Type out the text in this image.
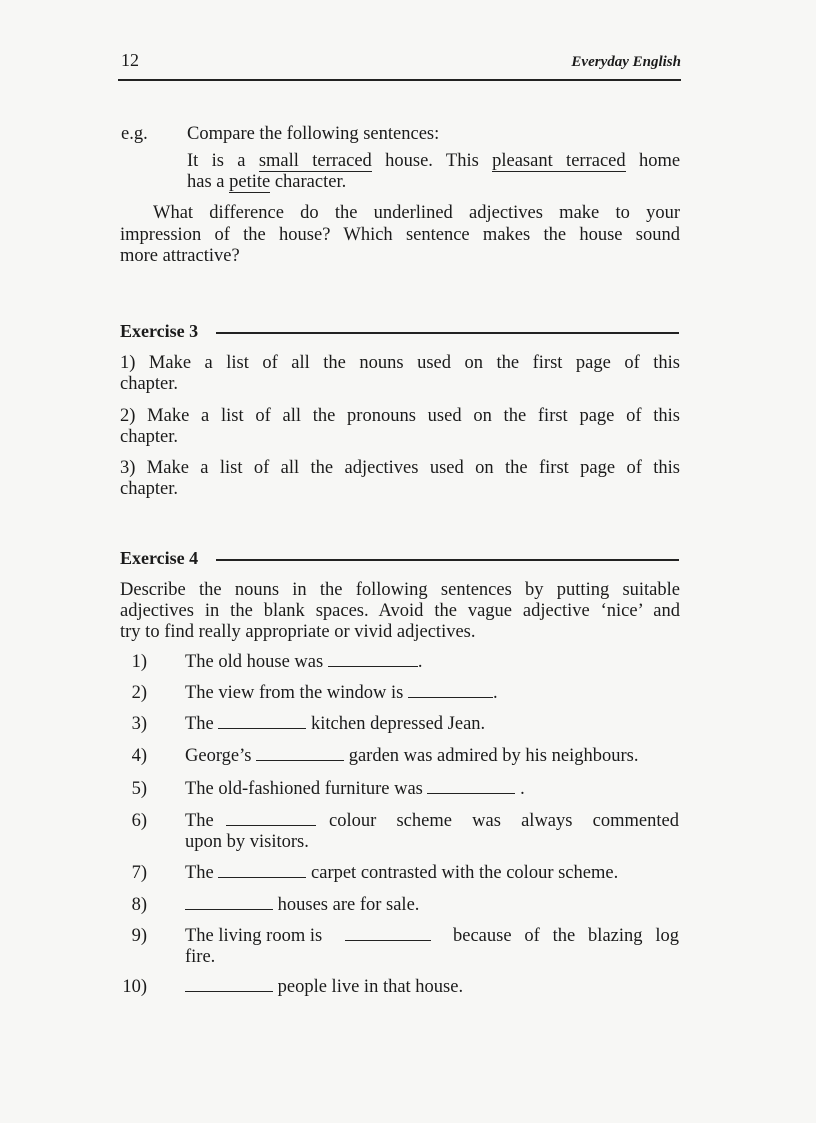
12	Everyday English
e.g. Compare the following sentences:
It is a small terraced house. This pleasant terraced home
has a petite character.
What difference do the underlined adjectives make to your
impression of the house? Which sentence makes the house sound
more attractive?
Exercise 3
1) Make a list of all the nouns used on the first page of this
chapter.
2) Make a list of all the pronouns used on the first page of this
chapter.
3) Make a list of all the adjectives used on the first page of this
chapter.
Exercise 4
Describe the nouns in the following sentences by putting suitable
adjectives in the blank spaces. Avoid the vague adjective ‘nice’ and
try to find really appropriate or vivid adjectives.
1) The old house was	.
2) The view from the window is	.
3) The	kitchen depressed Jean.
4) George’s	garden was admired by his neighbours.
5) The old-fashioned furniture was	.
6) The	colour scheme was always commented
upon by visitors.
7) The	carpet contrasted with the colour scheme.
8)	houses are for sale.
9) The living room is	because of the blazing log
fire.
10)	people live in that house.
